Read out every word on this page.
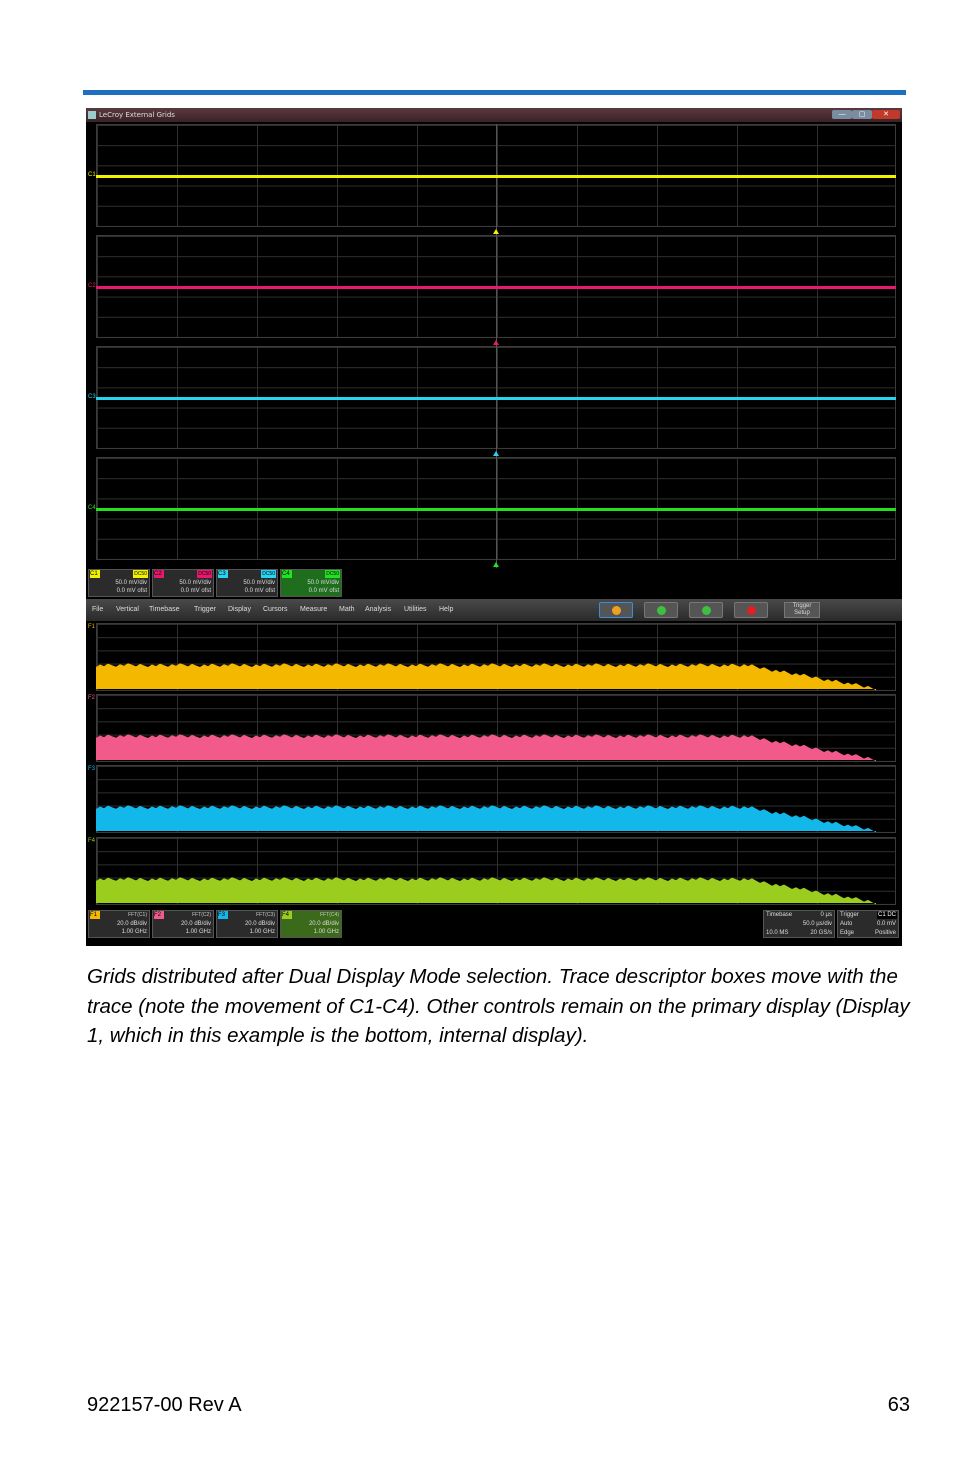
LeCroy External Grids	—	▢	✕
C1
C2
C3
C4
C1	DC50
50.0 mV/div
0.0 mV ofst
C2	DC50
50.0 mV/div
0.0 mV ofst
C3	DC50
50.0 mV/div
0.0 mV ofst
C4	DC50
50.0 mV/div
0.0 mV ofst
File Vertical Timebase Trigger Display Cursors Measure Math Analysis Utilities Help	Trigger
Setup
F1
F2
F3
F4
F1	FFT(C1)
20.0 dB/div
1.00 GHz
F2	FFT(C2)
20.0 dB/div
1.00 GHz
F3	FFT(C3)
20.0 dB/div
1.00 GHz
F4	FFT(C4)
20.0 dB/div
1.00 GHz
Timebase	0 µs
50.0 µs/div
10.0 MS	20 GS/s
Trigger	C1 DC
Auto	0.0 mV
Edge	Positive
Grids distributed after Dual Display Mode selection. Trace descriptor boxes move with the trace (note the movement of C1-C4). Other controls remain on the primary display (Display 1, which in this example is the bottom, internal display).
922157-00 Rev A	63
